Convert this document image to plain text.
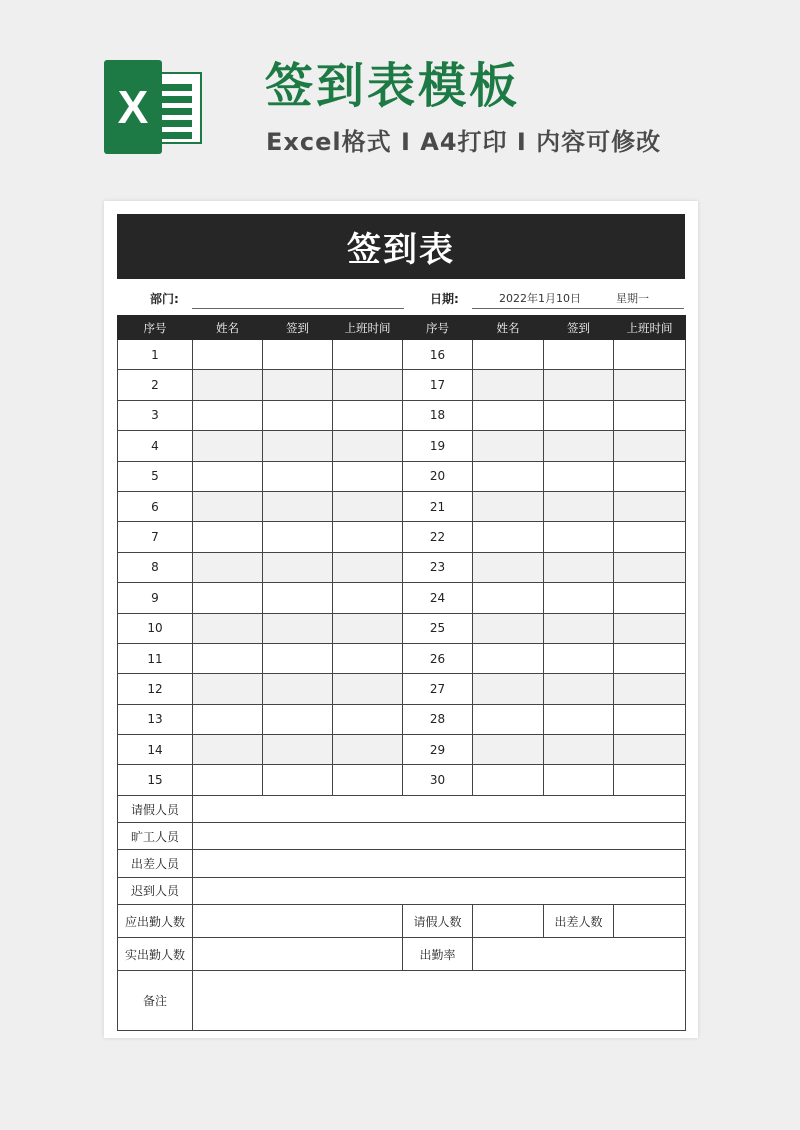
X 签到表模板
Excel格式 Ι A4打印 Ι 内容可修改
签到表
部门:	日期:	2022年1月10日	星期一
序号	姓名	签到	上班时间	序号	姓名	签到	上班时间
1				16			
2				17			
3				18			
4				19			
5				20			
6				21			
7				22			
8				23			
9				24			
10				25			
11				26			
12				27			
13				28			
14				29			
15				30			
请假人员							
旷工人员							
出差人员							
迟到人员							
应出勤人数				请假人数		出差人数	
实出勤人数				出勤率			
备注							
